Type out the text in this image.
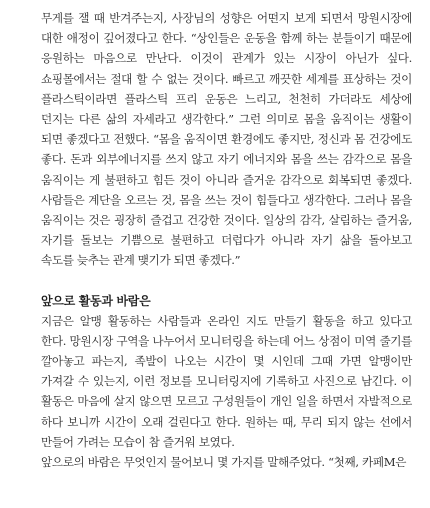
무게를 잴 때 반겨주는지, 사장님의 성향은 어떤지 보게 되면서 망원시장에 대한 애정이 깊어졌다고 한다. “상인들은 운동을 함께 하는 분들이기 때문에 응원하는 마음으로 만난다. 이것이 관계가 있는 시장이 아닌가 싶다. 쇼핑몰에서는 절대 할 수 없는 것이다. 빠르고 깨끗한 세계를 표상하는 것이 플라스틱이라면 플라스틱 프리 운동은 느리고, 천천히 가더라도 세상에 던지는 다른 삶의 자세라고 생각한다.” 그런 의미로 몸을 움직이는 생활이 되면 좋겠다고 전했다. “몸을 움직이면 환경에도 좋지만, 정신과 몸 건강에도 좋다. 돈과 외부에너지를 쓰지 않고 자기 에너지와 몸을 쓰는 감각으로 몸을 움직이는 게 불편하고 힘든 것이 아니라 즐거운 감각으로 회복되면 좋겠다. 사람들은 계단을 오르는 것, 몸을 쓰는 것이 힘들다고 생각한다. 그러나 몸을 움직이는 것은 굉장히 즐겁고 건강한 것이다. 일상의 감각, 살림하는 즐거움, 자기를 돌보는 기쁨으로 불편하고 더럽다가 아니라 자기 삶을 돌아보고 속도를 늦추는 관계 맺기가 되면 좋겠다.”

앞으로 활동과 바람은

지금은 알맹 활동하는 사람들과 온라인 지도 만들기 활동을 하고 있다고 한다. 망원시장 구역을 나누어서 모니터링을 하는데 어느 상점이 미역 줄기를 깔아놓고 파는지, 족발이 나오는 시간이 몇 시인데 그때 가면 알맹이만 가져갈 수 있는지, 이런 정보를 모니터링지에 기록하고 사진으로 남긴다. 이 활동은 마음에 살지 않으면 모르고 구성원들이 개인 일을 하면서 자발적으로 하다 보니까 시간이 오래 걸린다고 한다. 원하는 때, 무리 되지 않는 선에서 만들어 가려는 모습이 참 즐거워 보였다.

앞으로의 바람은 무엇인지 물어보니 몇 가지를 말해주었다. “첫째, 카페M은
